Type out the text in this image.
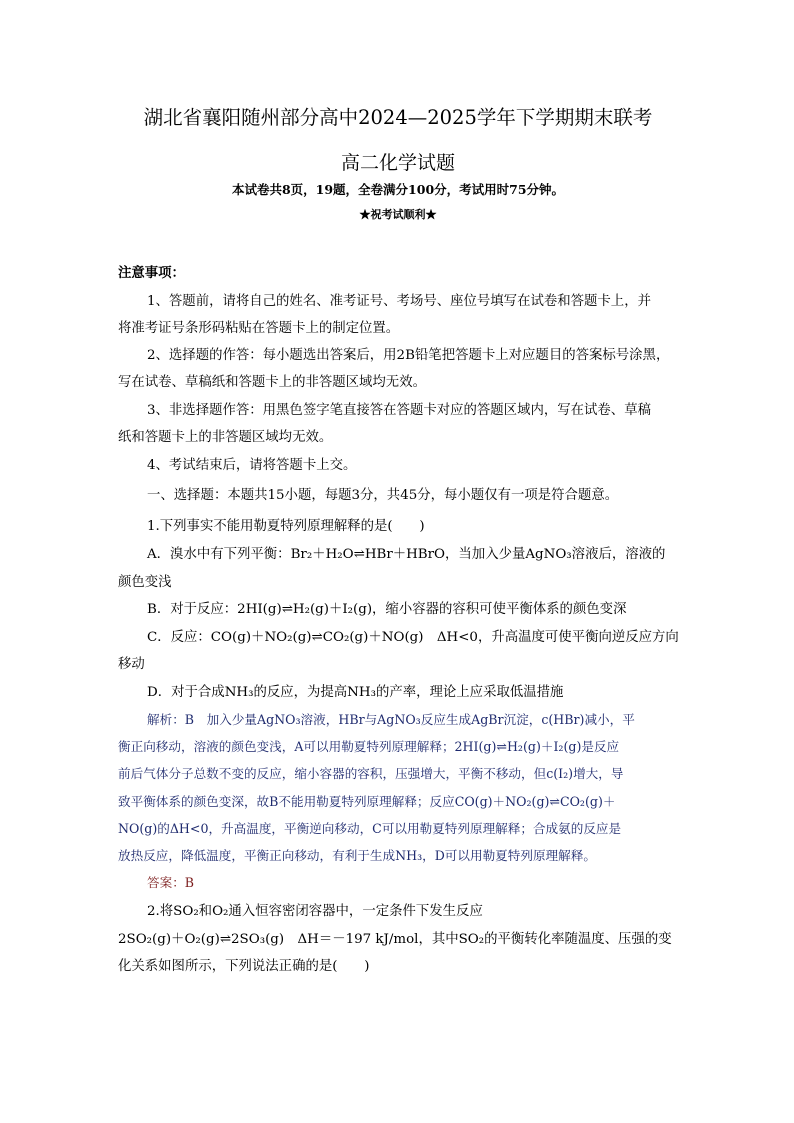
湖北省襄阳随州部分高中2024—2025学年下学期期末联考
高二化学试题
本试卷共8页，19题，全卷满分100分，考试用时75分钟。
★祝考试顺利★
注意事项：
1、答题前，请将自己的姓名、准考证号、考场号、座位号填写在试卷和答题卡上，并
将准考证号条形码粘贴在答题卡上的制定位置。
2、选择题的作答：每小题选出答案后，用2B铅笔把答题卡上对应题目的答案标号涂黑，
写在试卷、草稿纸和答题卡上的非答题区域均无效。
3、非选择题作答：用黑色签字笔直接答在答题卡对应的答题区域内，写在试卷、草稿
纸和答题卡上的非答题区域均无效。
4、考试结束后，请将答题卡上交。
一、选择题：本题共15小题，每题3分，共45分，每小题仅有一项是符合题意。
1.下列事实不能用勒夏特列原理解释的是(　　)
A．溴水中有下列平衡：Br₂＋H₂O⇌HBr＋HBrO，当加入少量AgNO₃溶液后，溶液的
颜色变浅
B．对于反应：2HI(g)⇌H₂(g)＋I₂(g)，缩小容器的容积可使平衡体系的颜色变深
C．反应：CO(g)＋NO₂(g)⇌CO₂(g)＋NO(g)　ΔH<0，升高温度可使平衡向逆反应方向
移动
D．对于合成NH₃的反应，为提高NH₃的产率，理论上应采取低温措施
解析：B　加入少量AgNO₃溶液，HBr与AgNO₃反应生成AgBr沉淀，c(HBr)减小，平
衡正向移动，溶液的颜色变浅，A可以用勒夏特列原理解释；2HI(g)⇌H₂(g)＋I₂(g)是反应
前后气体分子总数不变的反应，缩小容器的容积，压强增大，平衡不移动，但c(I₂)增大，导
致平衡体系的颜色变深，故B不能用勒夏特列原理解释；反应CO(g)＋NO₂(g)⇌CO₂(g)＋
NO(g)的ΔH<0，升高温度，平衡逆向移动，C可以用勒夏特列原理解释；合成氨的反应是
放热反应，降低温度，平衡正向移动，有利于生成NH₃，D可以用勒夏特列原理解释。
答案：B
2.将SO₂和O₂通入恒容密闭容器中，一定条件下发生反应
2SO₂(g)＋O₂(g)⇌2SO₃(g)　ΔH＝－197 kJ/mol，其中SO₂的平衡转化率随温度、压强的变
化关系如图所示，下列说法正确的是(　　)
